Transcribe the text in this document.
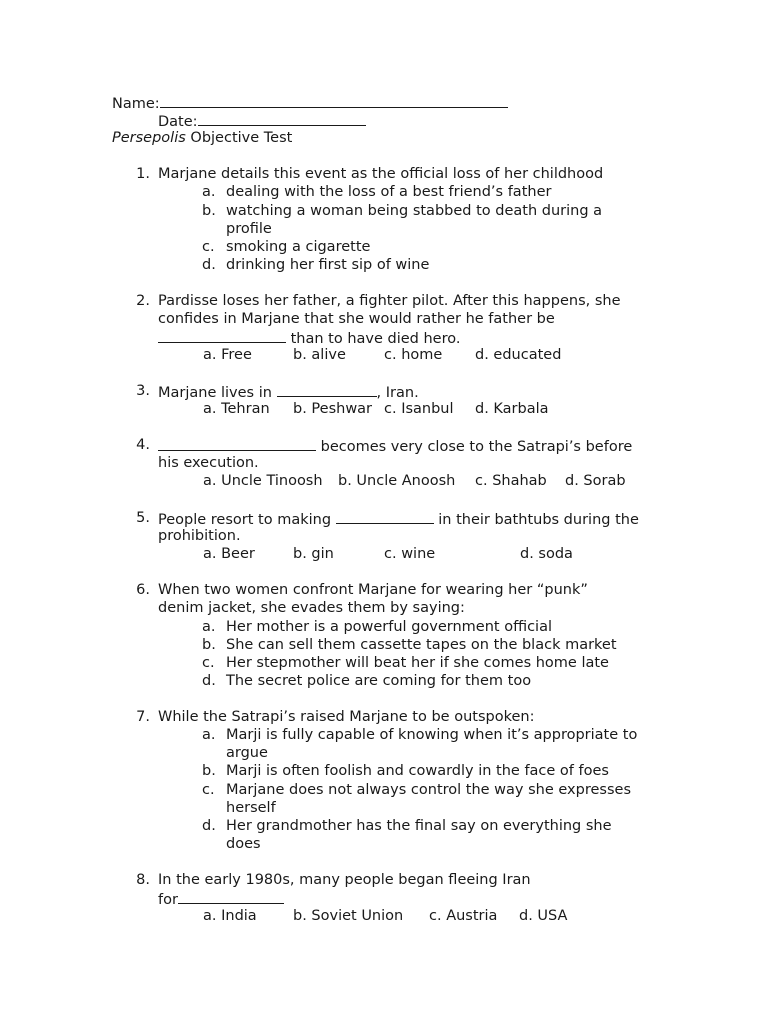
Name:
Date:
Persepolis Objective Test
1. Marjane details this event as the official loss of her childhood
a. dealing with the loss of a best friend’s father
b. watching a woman being stabbed to death during a
profile
c. smoking a cigarette
d. drinking her first sip of wine
2. Pardisse loses her father, a fighter pilot. After this happens, she
confides in Marjane that she would rather he father be
than to have died hero.
a. Free	b. alive	c. home d. educated
3. Marjane lives in	, Iran.
a. Tehran b. Peshwar c. Isanbul d. Karbala
4.	becomes very close to the Satrapi’s before
his execution.
a. Uncle Tinoosh b. Uncle Anoosh c. Shahab d. Sorab
5. People resort to making	in their bathtubs during the
prohibition.
a. Beer	b. gin	c. wine	d. soda
6. When two women confront Marjane for wearing her “punk”
denim jacket, she evades them by saying:
a. Her mother is a powerful government official
b. She can sell them cassette tapes on the black market
c. Her stepmother will beat her if she comes home late
d. The secret police are coming for them too
7. While the Satrapi’s raised Marjane to be outspoken:
a. Marji is fully capable of knowing when it’s appropriate to
argue
b. Marji is often foolish and cowardly in the face of foes
c. Marjane does not always control the way she expresses
herself
d. Her grandmother has the final say on everything she
does
8. In the early 1980s, many people began fleeing Iran
for
a. India	b. Soviet Union c. Austria d. USA
